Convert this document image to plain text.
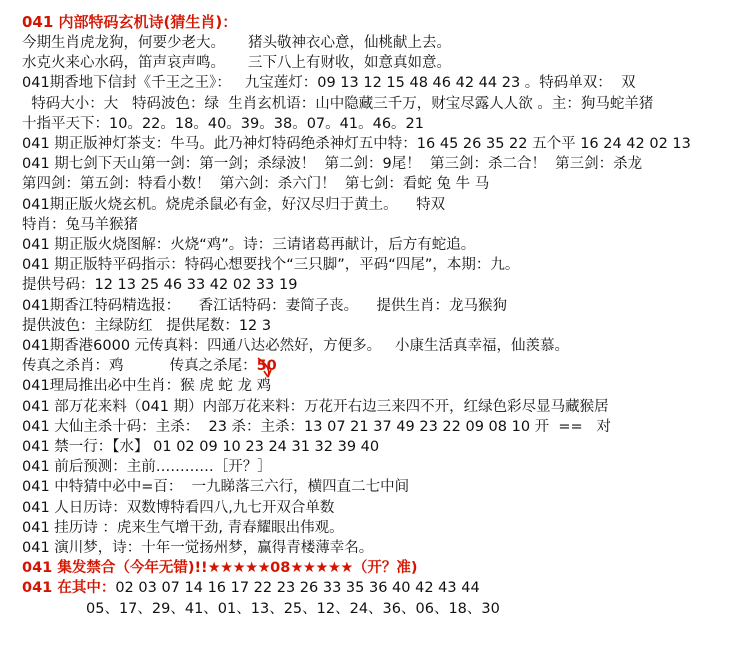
041 内部特码玄机诗(猜生肖)：
今期生肖虎龙狗，何要少老大。     猪头敬神衣心意，仙桃献上去。
水克火来心水码，笛声哀声鸣。     三下八上有财收，如意真如意。
041期香地下信封《千王之王》：   九宝莲灯：09 13 12 15 48 46 42 44 23 。特码单双：  双
特码大小：大   特码波色：绿  生肖玄机语：山中隐藏三千万，财宝尽露人人欲 。主：狗马蛇羊猪
十指平天下：10。22。18。40。39。38。07。41。46。21
041 期正版神灯茶支：牛马。此乃神灯特码绝杀神灯五中特：16 45 26 35 22 五个平 16 24 42 02 13
041 期七剑下天山第一剑：第一剑；杀绿波！  第二剑：9尾！  第三剑：杀二合！  第三剑：杀龙
第四剑：第五剑：特看小数！  第六剑：杀六门！  第七剑：看蛇 兔 牛 马
041期正版火烧玄机。烧虎杀鼠必有金，好汉尽归于黄土。    特双
特肖：兔马羊猴猪
041 期正版火烧图解：火烧“鸡”。诗：三请诸葛再献计，后方有蛇追。
041 期正版特平码指示：特码心想要找个“三只脚”，平码“四尾”，本期：九。
提供号码：12 13 25 46 33 42 02 33 19
041期香江特码精选报：    香江话特码：妻简子丧。    提供生肖：龙马猴狗
提供波色：主绿防红   提供尾数：12 3
041期香港6000 元传真料：四通八达必然好，方便多。   小康生活真幸福，仙羡慕。
传真之杀肖：鸡          传真之杀尾：50
041理局推出必中生肖：猴 虎 蛇 龙 鸡
041 部万花来料（041 期）内部万花来料：万花开右边三来四不开，红绿色彩尽显马藏猴居
041 大仙主杀十码：主杀：  23 杀：主杀：13 07 21 37 49 23 22 09 08 10 开  ==   对
041 禁一行：【水】 01 02 09 10 23 24 31 32 39 40
041 前后预测：主前…………［开？］
041 中特猜中必中=百：  一九睇落三六行，横四直二七中间
041 人日历诗：双数博特看四八,九七开双合单数
041 挂历诗 ：虎来生气增干劲, 青春耀眼出伟观。
041 演川梦，诗：十年一觉扬州梦，赢得青楼薄幸名。
041 集发禁合（今年无错)!!★★★★★08★★★★★（开？准)
041 在其中：02 03 07 14 16 17 22 23 26 33 35 36 40 42 43 44
05、17、29、41、01、13、25、12、24、36、06、18、30
